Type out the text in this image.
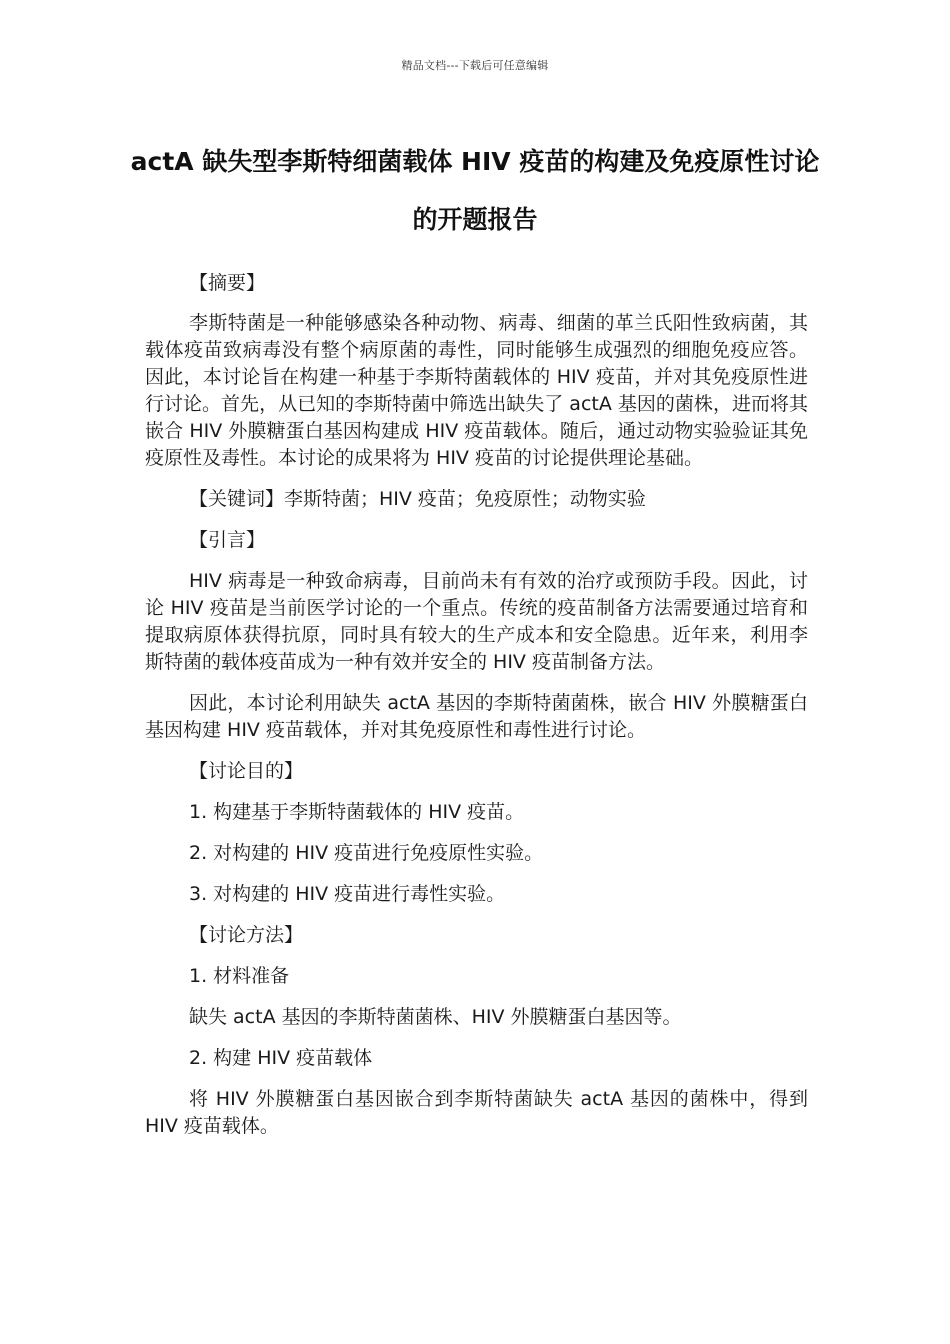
精品文档---下载后可任意编辑
actA 缺失型李斯特细菌载体 HIV 疫苗的构建及免疫原性讨论的开题报告

【摘要】

李斯特菌是一种能够感染各种动物、病毒、细菌的革兰氏阳性致病菌，其载体疫苗致病毒没有整个病原菌的毒性，同时能够生成强烈的细胞免疫应答。因此，本讨论旨在构建一种基于李斯特菌载体的 HIV 疫苗，并对其免疫原性进行讨论。首先，从已知的李斯特菌中筛选出缺失了 actA 基因的菌株，进而将其嵌合 HIV 外膜糖蛋白基因构建成 HIV 疫苗载体。随后，通过动物实验验证其免疫原性及毒性。本讨论的成果将为 HIV 疫苗的讨论提供理论基础。

【关键词】李斯特菌；HIV 疫苗；免疫原性；动物实验

【引言】

HIV 病毒是一种致命病毒，目前尚未有有效的治疗或预防手段。因此，讨论 HIV 疫苗是当前医学讨论的一个重点。传统的疫苗制备方法需要通过培育和提取病原体获得抗原，同时具有较大的生产成本和安全隐患。近年来，利用李斯特菌的载体疫苗成为一种有效并安全的 HIV 疫苗制备方法。

因此，本讨论利用缺失 actA 基因的李斯特菌菌株，嵌合 HIV 外膜糖蛋白基因构建 HIV 疫苗载体，并对其免疫原性和毒性进行讨论。

【讨论目的】

1. 构建基于李斯特菌载体的 HIV 疫苗。

2. 对构建的 HIV 疫苗进行免疫原性实验。

3. 对构建的 HIV 疫苗进行毒性实验。

【讨论方法】

1. 材料准备

缺失 actA 基因的李斯特菌菌株、HIV 外膜糖蛋白基因等。

2. 构建 HIV 疫苗载体

将 HIV 外膜糖蛋白基因嵌合到李斯特菌缺失 actA 基因的菌株中，得到 HIV 疫苗载体。
